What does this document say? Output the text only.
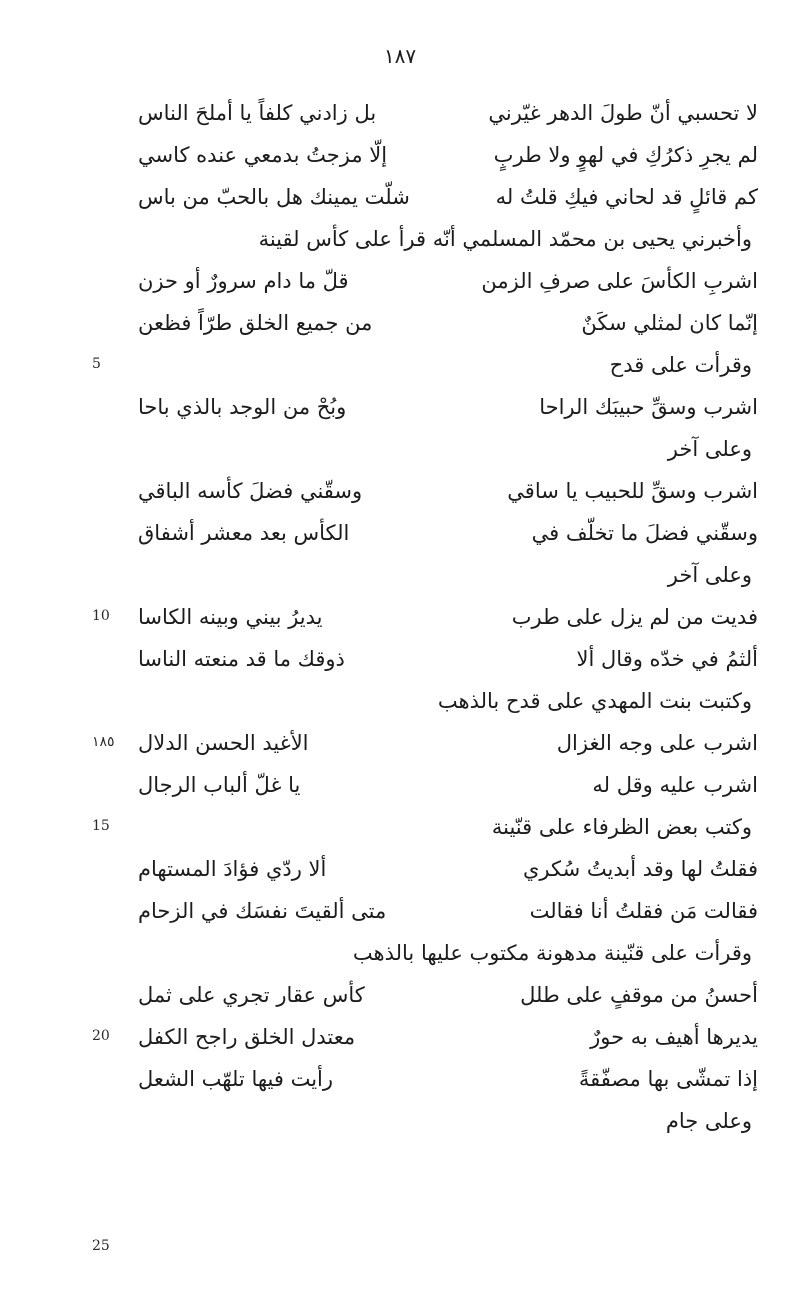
١٨٧
لا تحسبي أنّ طولَ الدهر غيّرني
بل زادني كلفاً يا أملحَ الناس
لم يجرِ ذكرُكِ في لهوٍ ولا طربٍ
إلّا مزجتُ بدمعي عنده كاسي
كم قائلٍ قد لحاني فيكِ قلتُ له
شلّت يمينك هل بالحبّ من باس
وأخبرني يحيى بن محمّد المسلمي أنّه قرأ على كأس لقينة
اشربِ الكأسَ على صرفِ الزمن
قلّ ما دام سرورٌ أو حزن
إنّما كان لمثلي سكَنٌ
من جميع الخلق طرّاً فظعن
وقرأت على قدح
اشرب وسقِّ حبيبَك الراحا
وبُحْ من الوجد بالذي باحا
وعلى آخر
اشرب وسقِّ للحبيب يا ساقي
وسقّني فضلَ كأسه الباقي
وسقّني فضلَ ما تخلّف في
الكأس بعد معشر أشفاق
وعلى آخر
فديت من لم يزل على طرب
يديرُ بيني وبينه الكاسا
ألثمُ في خدّه وقال ألا
ذوقك ما قد منعته الناسا
وكتبت بنت المهدي على قدح بالذهب
اشرب على وجه الغزال
الأغيد الحسن الدلال
اشرب عليه وقل له
يا غلّ ألباب الرجال
وكتب بعض الظرفاء على قنّينة
فقلتُ لها وقد أبديتُ سُكري
ألا ردّي فؤادَ المستهام
فقالت مَن فقلتُ أنا فقالت
متى ألقيتَ نفسَك في الزحام
وقرأت على قنّينة مدهونة مكتوب عليها بالذهب
أحسنُ من موقفٍ على طلل
كأس عقار تجري على ثمل
يديرها أهيف به حورٌ
معتدل الخلق راجح الكفل
إذا تمشّى بها مصفّقةً
رأيت فيها تلهّب الشعل
وعلى جام
5
10
١٨٥
15
20
25
